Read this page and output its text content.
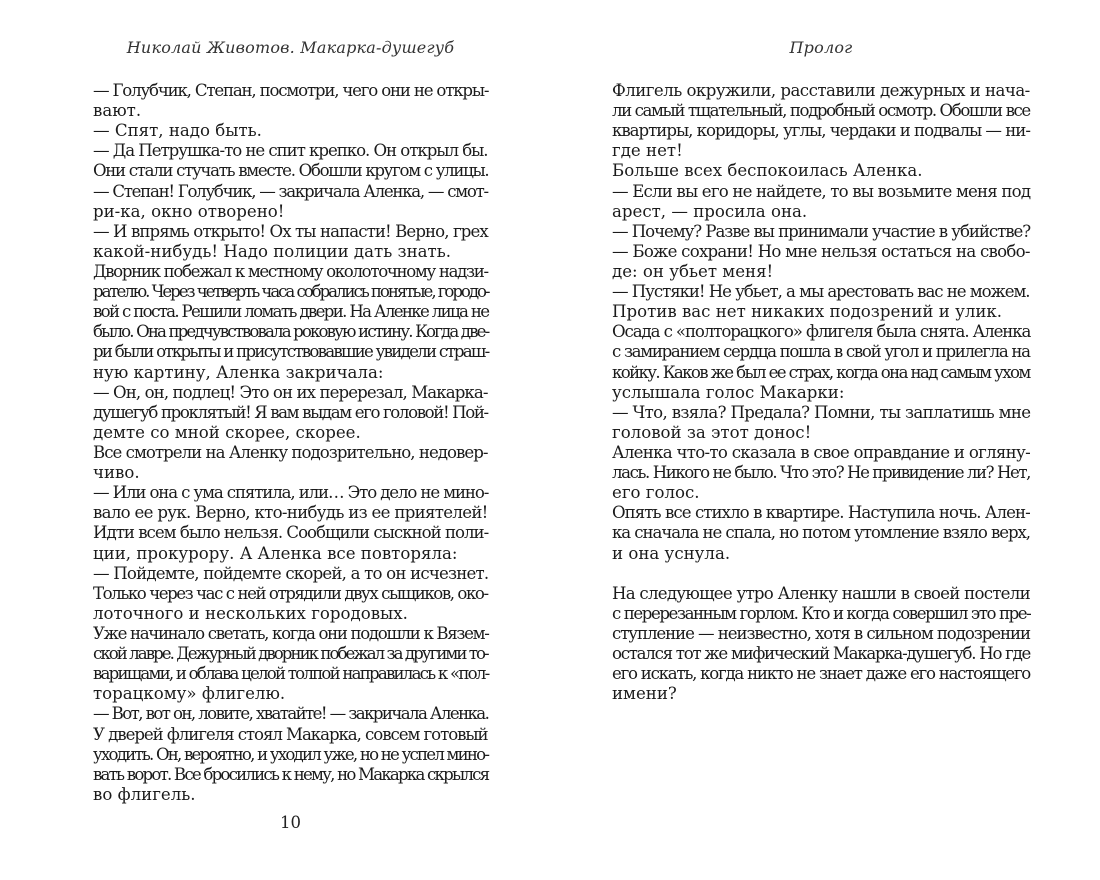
Николай Животов. Макарка-душегуб
— Голубчик, Степан, посмотри, чего они не откры-
вают.
— Спят, надо быть.
— Да Петрушка-то не спит крепко. Он открыл бы.
Они стали стучать вместе. Обошли кругом с улицы.
— Степан! Голубчик, — закричала Аленка, — смот-
ри-ка, окно отворено!
— И впрямь открыто! Ох ты напасти! Верно, грех
какой-нибудь! Надо полиции дать знать.
Дворник побежал к местному околоточному надзи-
рателю. Через четверть часа собрались понятые, городо-
вой с поста. Решили ломать двери. На Аленке лица не
было. Она предчувствовала роковую истину. Когда две-
ри были открыты и присутствовавшие увидели страш-
ную картину, Аленка закричала:
— Он, он, подлец! Это он их перерезал, Макарка-
душегуб проклятый! Я вам выдам его головой! Пой-
демте со мной скорее, скорее.
Все смотрели на Аленку подозрительно, недовер-
чиво.
— Или она с ума спятила, или… Это дело не мино-
вало ее рук. Верно, кто-нибудь из ее приятелей!
Идти всем было нельзя. Сообщили сыскной поли-
ции, прокурору. А Аленка все повторяла:
— Пойдемте, пойдемте скорей, а то он исчезнет.
Только через час с ней отрядили двух сыщиков, око-
лоточного и нескольких городовых.
Уже начинало светать, когда они подошли к Вязем-
ской лавре. Дежурный дворник побежал за другими то-
варищами, и облава целой толпой направилась к «пол-
торацкому» флигелю.
— Вот, вот он, ловите, хватайте! — закричала Аленка.
У дверей флигеля стоял Макарка, совсем готовый
уходить. Он, вероятно, и уходил уже, но не успел мино-
вать ворот. Все бросились к нему, но Макарка скрылся
во флигель.
10
Пролог
Флигель окружили, расставили дежурных и нача-
ли самый тщательный, подробный осмотр. Обошли все
квартиры, коридоры, углы, чердаки и подвалы — ни-
где нет!
Больше всех беспокоилась Аленка.
— Если вы его не найдете, то вы возьмите меня под
арест, — просила она.
— Почему? Разве вы принимали участие в убийстве?
— Боже сохрани! Но мне нельзя остаться на свобо-
де: он убьет меня!
— Пустяки! Не убьет, а мы арестовать вас не можем.
Против вас нет никаких подозрений и улик.
Осада с «полторацкого» флигеля была снята. Аленка
с замиранием сердца пошла в свой угол и прилегла на
койку. Каков же был ее страх, когда она над самым ухом
услышала голос Макарки:
— Что, взяла? Предала? Помни, ты заплатишь мне
головой за этот донос!
Аленка что-то сказала в свое оправдание и огляну-
лась. Никого не было. Что это? Не привидение ли? Нет,
его голос.
Опять все стихло в квартире. Наступила ночь. Ален-
ка сначала не спала, но потом утомление взяло верх,
и она уснула.
На следующее утро Аленку нашли в своей постели
с перерезанным горлом. Кто и когда совершил это пре-
ступление — неизвестно, хотя в сильном подозрении
остался тот же мифический Макарка-душегуб. Но где
его искать, когда никто не знает даже его настоящего
имени?
